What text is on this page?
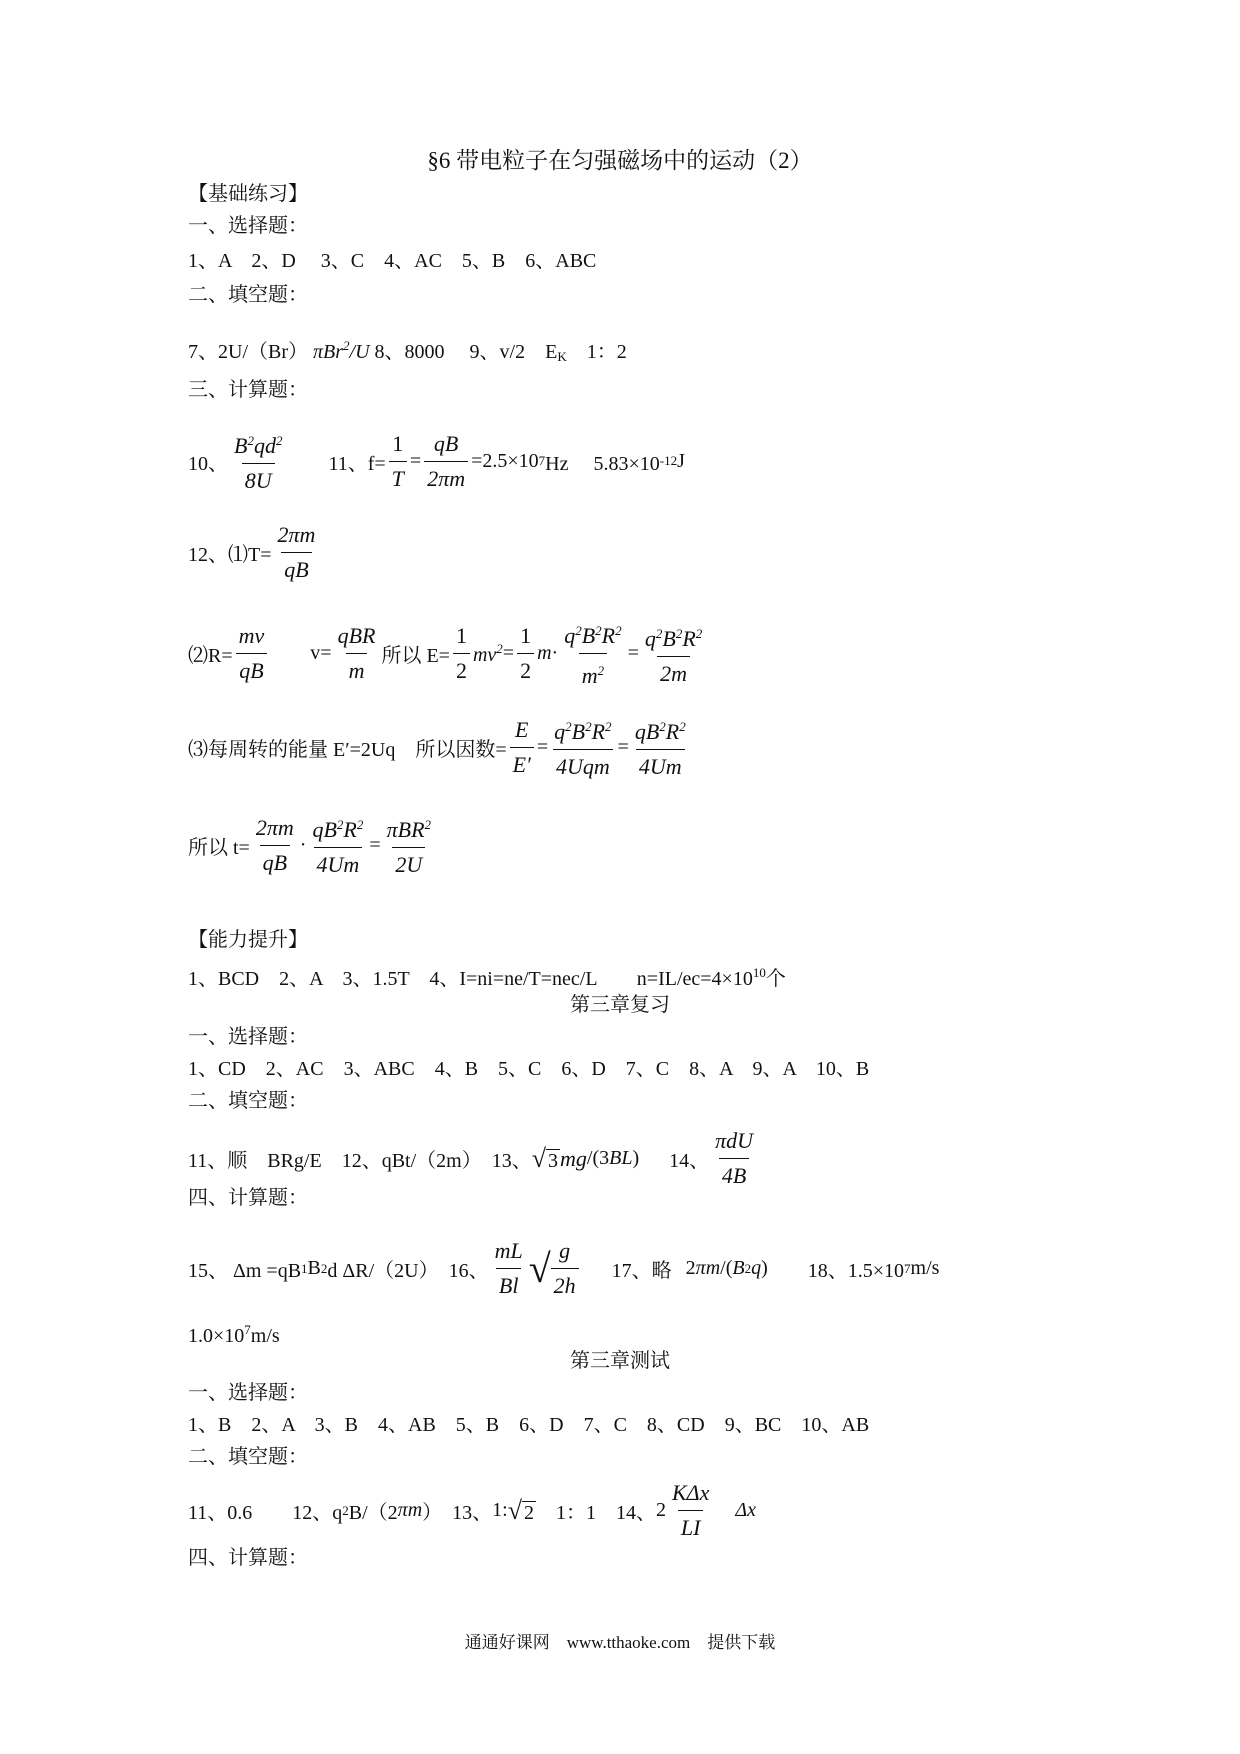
§6 带电粒子在匀强磁场中的运动（2）
【基础练习】
一、选择题：
1、A　2、D　 3、C　4、AC　5、B　6、ABC
二、填空题：
7、2U/（Br） πBr$^2$/U 8、8000　 9、v/2　$E_K$　1：2
三、计算题：
10、 $\frac{B^2qd^2}{8U} 11$、$f= \frac{1}{T} = \frac{qB}{2\pi m} =2.5\times 10$ 7 Hz　 5.83×10 -12 J
12、⑴T= $\frac{2\pi m}{qB}$
⑵R= $\frac{mv}{qB} v= \frac{\text{qBR}}{m}$ 所以 $E= \frac{1}{2} mv^2 = \frac{1}{2}$ $m \cdot \frac{q^2B^2R^2}{m^2} = \frac{q^2B^2R^2}{2m}$
⑶每周转的能量 E′=2Uq　所以因数= $\frac{E}{E'} = \frac{q^2B^2R^2}{\text{4Uqm}} = \frac{qB^2R^2}{4Um}$
所以 $t= \frac{2\pi m}{qB} \cdot \frac{qB^2R^2}{4Um} = \frac{\pi BR^2}{2U}$
【能力提升】
1、BCD　2、A　3、1.5T　4、I=ni=ne/T=nec/L　　$n=IL/ec=4\times 10^{10}$个
第三章复习
一、选择题：
1、CD　2、AC　3、ABC　4、B　5、C　6、D　7、C　8、A　9、A　10、B
二、填空题：
11、顺　BRg/E　12、qBt/（2m）　13、 √ 3 mg /(3 BL ) 14、 $\frac{\text{πdU}}{4B}$
四、计算题：
15、 Δm =qB 1 B 2 d ΔR/（2U）　16、 $\frac{mL}{Bl}$ √ $\frac{g}{2h} 17$、略 2 πm /( B 2 q ) 18、1.5×10 7 m/s
$1.0\times 10^7m/s$
第三章测试
一、选择题：
1、B　2、A　3、B　4、AB　5、B　6、D　7、C　8、CD　9、BC　10、AB
二、填空题：
11、0.6　　12、q 2 B/（2 πm ）　13、 1: √ 2 1：1　14、 $2 \frac{\text{KΔx}}{LI}$ Δx
四、计算题：
通通好课网　www.tthaoke.com　提供下载
